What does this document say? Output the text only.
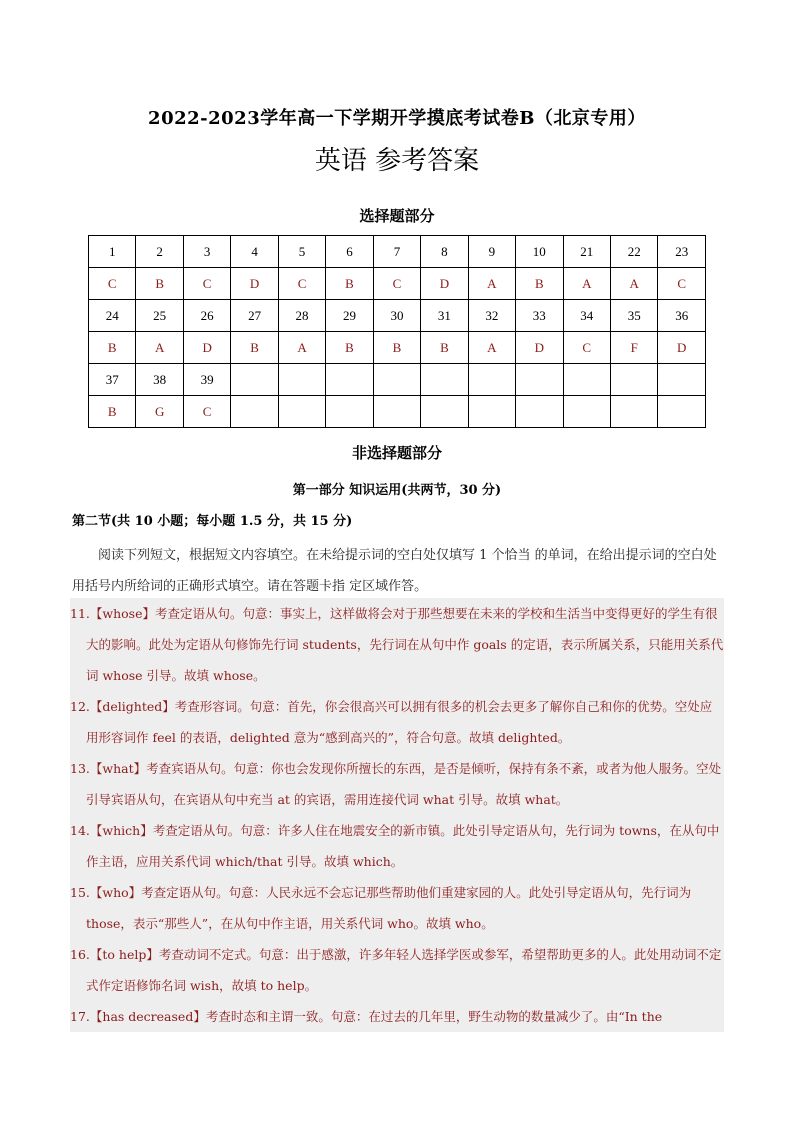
2022-2023学年高一下学期开学摸底考试卷B（北京专用）
英语 参考答案
选择题部分
1	2	3	4	5	6	7	8	9	10	21	22	23
C	B	C	D	C	B	C	D	A	B	A	A	C
24	25	26	27	28	29	30	31	32	33	34	35	36
B	A	D	B	A	B	B	B	A	D	C	F	D
37	38	39										
B	G	C										
非选择题部分
第一部分 知识运用(共两节，30 分)
第二节(共 10 小题；每小题 1.5 分，共 15 分)
阅读下列短文，根据短文内容填空。在未给提示词的空白处仅填写 1 个恰当 的单词，在给出提示词的空白处用括号内所给词的正确形式填空。请在答题卡指 定区域作答。
11.【whose】考查定语从句。句意：事实上，这样做将会对于那些想要在未来的学校和生活当中变得更好的学生有很大的影响。此处为定语从句修饰先行词 students，先行词在从句中作 goals 的定语，表示所属关系，只能用关系代词 whose 引导。故填 whose。
12.【delighted】考查形容词。句意：首先，你会很高兴可以拥有很多的机会去更多了解你自己和你的优势。空处应用形容词作 feel 的表语，delighted 意为“感到高兴的”，符合句意。故填 delighted。
13.【what】考查宾语从句。句意：你也会发现你所擅长的东西，是否是倾听，保持有条不紊，或者为他人服务。空处引导宾语从句，在宾语从句中充当 at 的宾语，需用连接代词 what 引导。故填 what。
14.【which】考查定语从句。句意：许多人住在地震安全的新市镇。此处引导定语从句，先行词为 towns，在从句中作主语，应用关系代词 which/that 引导。故填 which。
15.【who】考查定语从句。句意：人民永远不会忘记那些帮助他们重建家园的人。此处引导定语从句，先行词为 those，表示“那些人”，在从句中作主语，用关系代词 who。故填 who。
16.【to help】考查动词不定式。句意：出于感激，许多年轻人选择学医或参军，希望帮助更多的人。此处用动词不定式作定语修饰名词 wish，故填 to help。
17.【has decreased】考查时态和主谓一致。句意：在过去的几年里，野生动物的数量减少了。由“In the
